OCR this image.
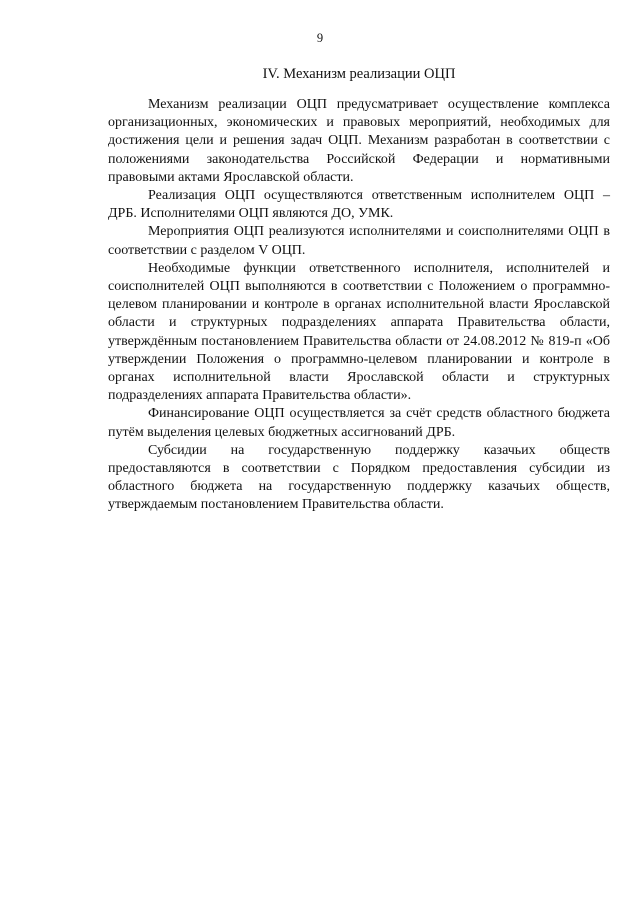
9
IV. Механизм реализации ОЦП

Механизм реализации ОЦП предусматривает осуществление комплекса организационных, экономических и правовых мероприятий, необходимых для достижения цели и решения задач ОЦП. Механизм разработан в соответствии с положениями законодательства Российской Федерации и нормативными правовыми актами Ярославской области.

Реализация ОЦП осуществляются ответственным исполнителем ОЦП – ДРБ. Исполнителями ОЦП являются ДО, УМК.

Мероприятия ОЦП реализуются исполнителями и соисполнителями ОЦП в соответствии с разделом V ОЦП.

Необходимые функции ответственного исполнителя, исполнителей и соисполнителей ОЦП выполняются в соответствии с Положением о программно-целевом планировании и контроле в органах исполнительной власти Ярославской области и структурных подразделениях аппарата Правительства области, утверждённым постановлением Правительства области от 24.08.2012 № 819-п «Об утверждении Положения о программно-целевом планировании и контроле в органах исполнительной власти Ярославской области и структурных подразделениях аппарата Правительства области».

Финансирование ОЦП осуществляется за счёт средств областного бюджета путём выделения целевых бюджетных ассигнований ДРБ.

Субсидии на государственную поддержку казачьих обществ предоставляются в соответствии с Порядком предоставления субсидии из областного бюджета на государственную поддержку казачьих обществ, утверждаемым постановлением Правительства области.
